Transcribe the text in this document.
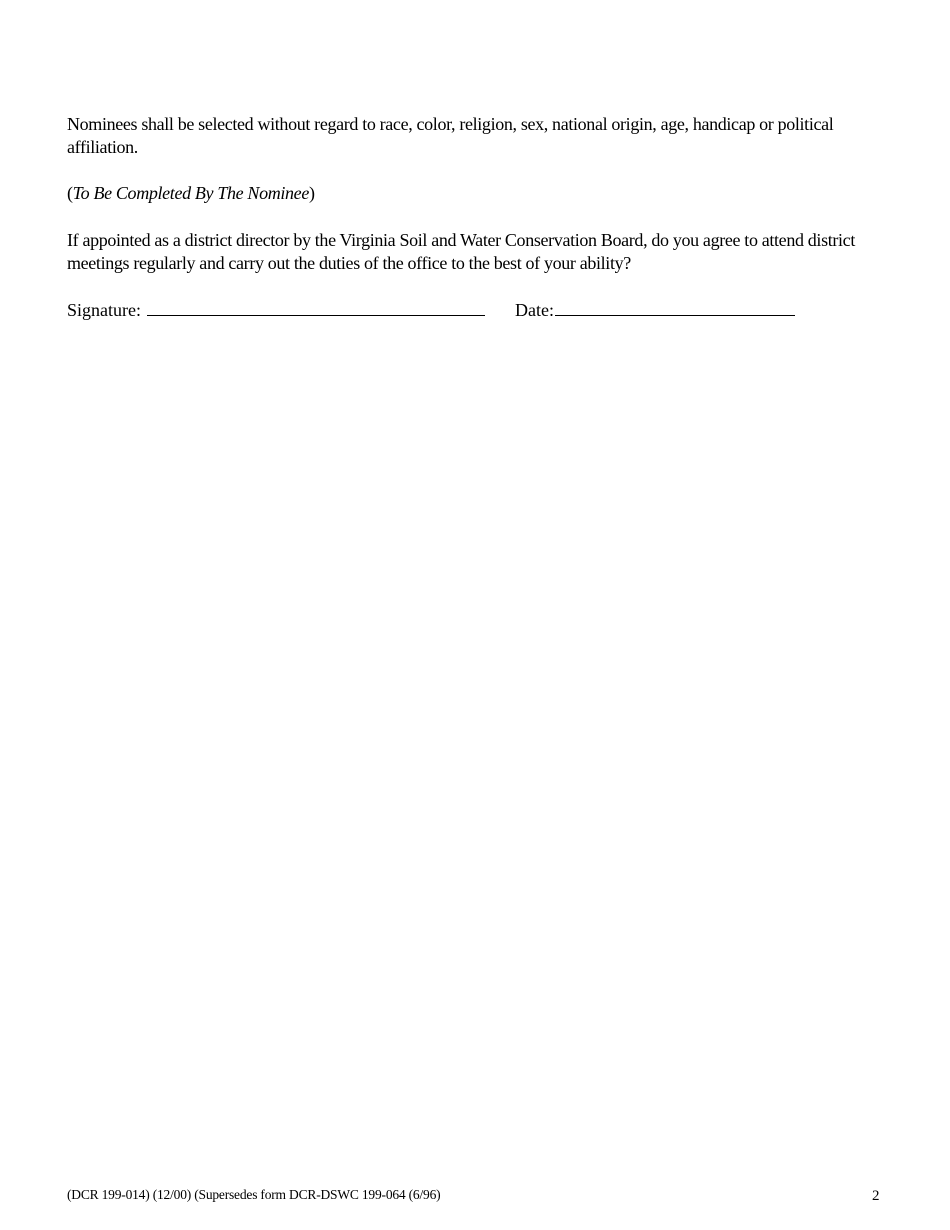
Nominees shall be selected without regard to race, color, religion, sex, national origin, age, handicap or political affiliation.

(To Be Completed By The Nominee)

If appointed as a district director by the Virginia Soil and Water Conservation Board, do you agree to attend district meetings regularly and carry out the duties of the office to the best of your ability?

Signature:	Date:
(DCR 199-014) (12/00) (Supersedes form DCR-DSWC 199-064 (6/96)	2
